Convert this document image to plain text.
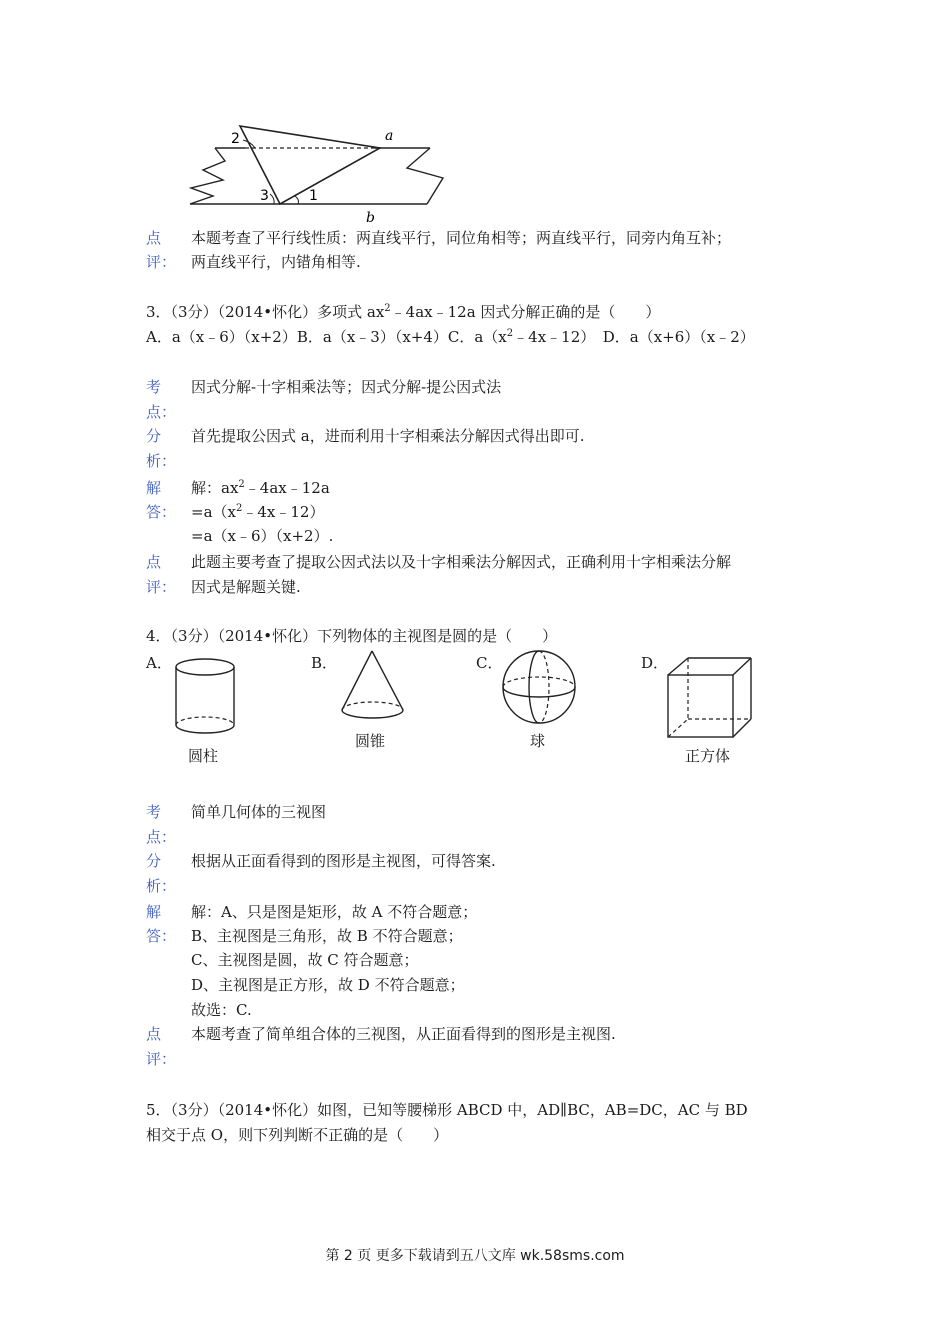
2
3	1
a
b
点
评：
本题考查了平行线性质：两直线平行，同位角相等；两直线平行，同旁内角互补；
两直线平行，内错角相等.
3．（3分）（2014•怀化）多项式 $ax^2﹣4ax﹣12a$ 因式分解正确的是（　　）
A．a（x﹣6）（x+2）B．a（x﹣3）（x+4）C．$a(x^2﹣4x﹣12)$　D．a（x+6）（x﹣2）
考
点：
因式分解-十字相乘法等；因式分解-提公因式法
分
析：
首先提取公因式 a，进而利用十字相乘法分解因式得出即可.
解
答：
解：$ax^2﹣4ax﹣12a$
$=a(x^2﹣4x﹣12)$
=a（x﹣6）（x+2）.
点
评：
此题主要考查了提取公因式法以及十字相乘法分解因式，正确利用十字相乘法分解
因式是解题关键.
4．（3分）（2014•怀化）下列物体的主视图是圆的是（　　）
A．	B．	C．	D．
圆柱
圆锥	球
正方体
考
点：
简单几何体的三视图
分
析：
根据从正面看得到的图形是主视图，可得答案.
解
答：
解：A、只是图是矩形，故 A 不符合题意；
B、主视图是三角形，故 B 不符合题意；
C、主视图是圆，故 C 符合题意；
D、主视图是正方形，故 D 不符合题意；
故选：C.
点
评：
本题考查了简单组合体的三视图，从正面看得到的图形是主视图.
5．（3分）（2014•怀化）如图，已知等腰梯形 ABCD 中，AD∥BC，AB=DC，AC 与 BD
相交于点 O，则下列判断不正确的是（　　）
第 2 页 更多下载请到五八文库 wk.58sms.com
